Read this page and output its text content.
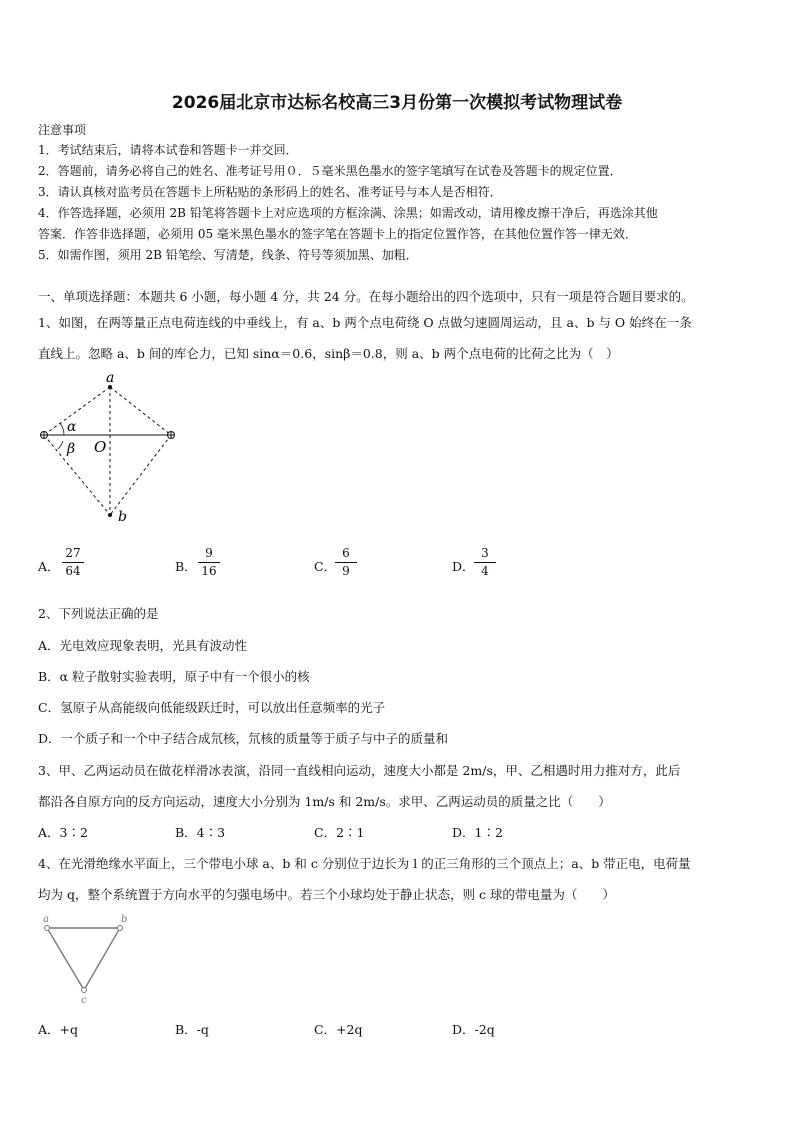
2026届北京市达标名校高三3月份第一次模拟考试物理试卷
注意事项
1．考试结束后，请将本试卷和答题卡一并交回．
2．答题前，请务必将自己的姓名、准考证号用０．５毫米黑色墨水的签字笔填写在试卷及答题卡的规定位置．
3．请认真核对监考员在答题卡上所粘贴的条形码上的姓名、准考证号与本人是否相符．
4．作答选择题，必须用 2B 铅笔将答题卡上对应选项的方框涂满、涂黑；如需改动，请用橡皮擦干净后，再选涂其他
答案．作答非选择题，必须用 05 毫米黑色墨水的签字笔在答题卡上的指定位置作答，在其他位置作答一律无效．
5．如需作图，须用 2B 铅笔绘、写清楚，线条、符号等须加黑、加粗．
一、单项选择题：本题共 6 小题，每小题 4 分，共 24 分。在每小题给出的四个选项中，只有一项是符合题目要求的。
1、如图，在两等量正点电荷连线的中垂线上，有 a、b 两个点电荷绕 O 点做匀速圆周运动，且 a、b 与 O 始终在一条
直线上。忽略 a、b 间的库仑力，已知 sinα＝0.6，sinβ＝0.8，则 a、b 两个点电荷的比荷之比为（　）
a
b
O
α
β
A．
27
64	B．
9
16	C．
6
9	D．
3
4
2、下列说法正确的是
A．光电效应现象表明，光具有波动性
B．α 粒子散射实验表明，原子中有一个很小的核
C．氢原子从高能级向低能级跃迁时，可以放出任意频率的光子
D．一个质子和一个中子结合成氘核，氘核的质量等于质子与中子的质量和
3、甲、乙两运动员在做花样滑冰表演，沿同一直线相向运动，速度大小都是 2m/s，甲、乙相遇时用力推对方，此后
都沿各自原方向的反方向运动，速度大小分别为 1m/s 和 2m/s。求甲、乙两运动员的质量之比（　　）
A．3∶2	B．4∶3	C．2∶1	D．1∶2
4、在光滑绝缘水平面上，三个带电小球 a、b 和 c 分别位于边长为 l 的正三角形的三个顶点上；a、b 带正电，电荷量
均为 q，整个系统置于方向水平的匀强电场中。若三个小球均处于静止状态，则 c 球的带电量为（　　）
a	b
c
A．+q	B．-q	C．+2q	D．-2q
